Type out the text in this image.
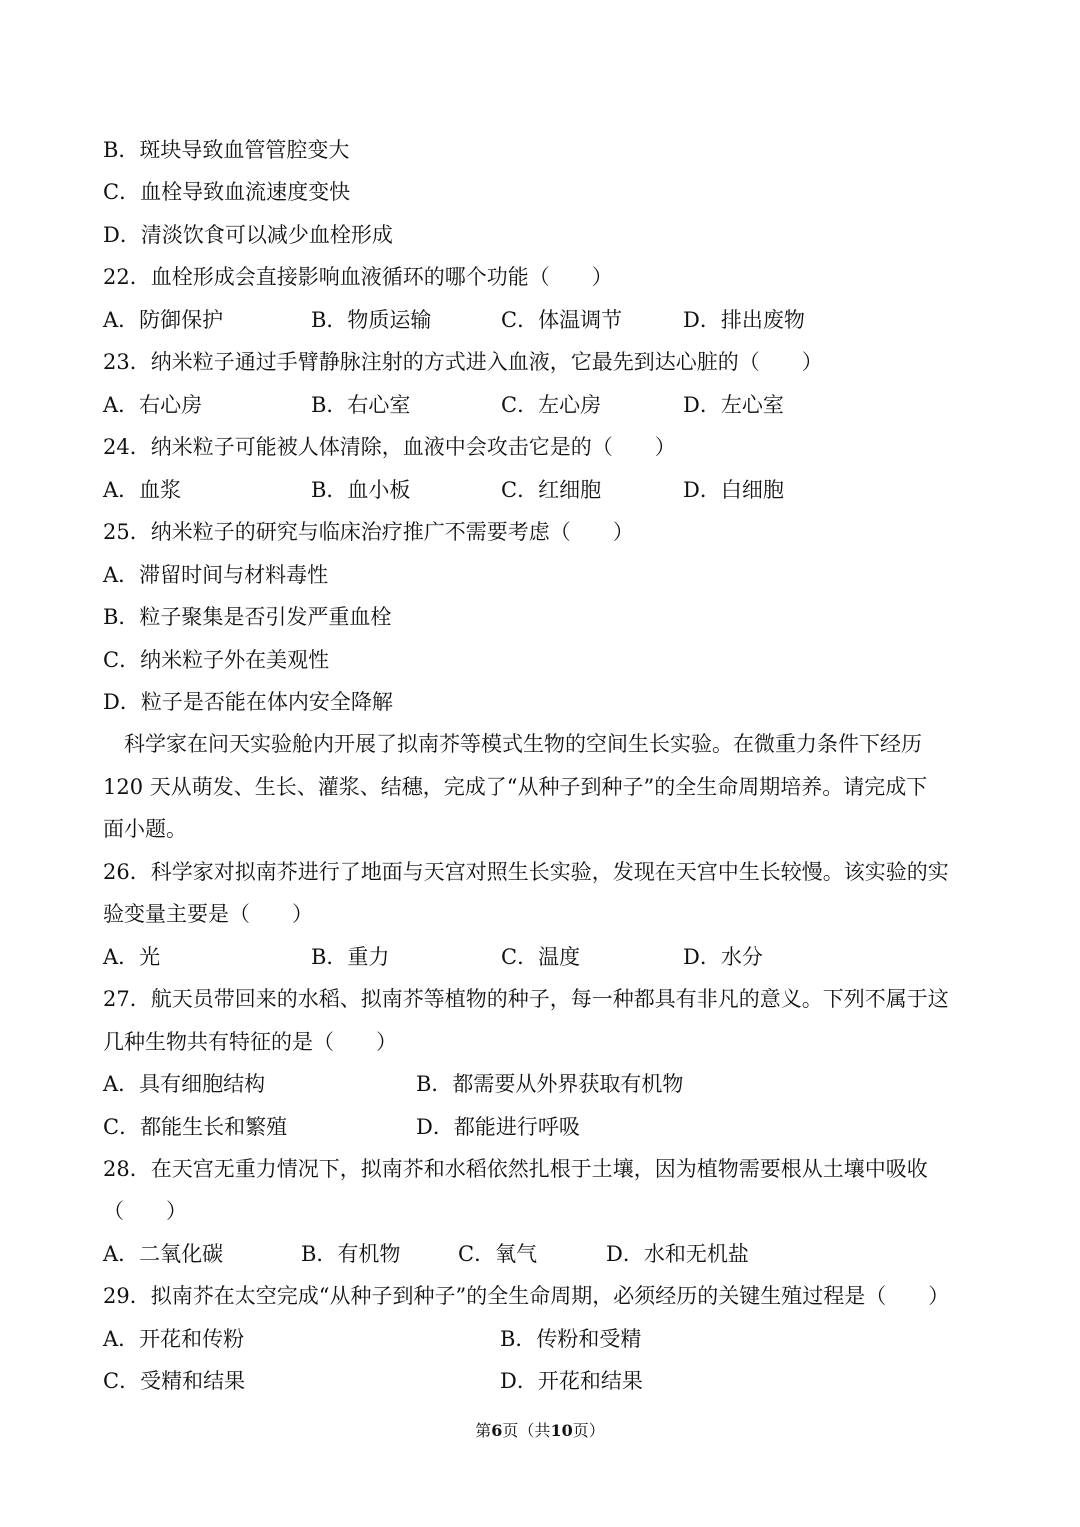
B．斑块导致血管管腔变大
C．血栓导致血流速度变快
D．清淡饮食可以减少血栓形成
22．血栓形成会直接影响血液循环的哪个功能（　　）
A．防御保护	B．物质运输	C．体温调节	D．排出废物
23．纳米粒子通过手臂静脉注射的方式进入血液，它最先到达心脏的（　　）
A．右心房	B．右心室	C．左心房	D．左心室
24．纳米粒子可能被人体清除，血液中会攻击它是的（　　）
A．血浆	B．血小板	C．红细胞	D．白细胞
25．纳米粒子的研究与临床治疗推广不需要考虑（　　）
A．滞留时间与材料毒性
B．粒子聚集是否引发严重血栓
C．纳米粒子外在美观性
D．粒子是否能在体内安全降解
　科学家在问天实验舱内开展了拟南芥等模式生物的空间生长实验。在微重力条件下经历
120 天从萌发、生长、灌浆、结穗，完成了“从种子到种子”的全生命周期培养。请完成下
面小题。
26．科学家对拟南芥进行了地面与天宫对照生长实验，发现在天宫中生长较慢。该实验的实
验变量主要是（　　）
A．光	B．重力	C．温度	D．水分
27．航天员带回来的水稻、拟南芥等植物的种子，每一种都具有非凡的意义。下列不属于这
几种生物共有特征的是（　　）
A．具有细胞结构	B．都需要从外界获取有机物
C．都能生长和繁殖	D．都能进行呼吸
28．在天宫无重力情况下，拟南芥和水稻依然扎根于土壤，因为植物需要根从土壤中吸收
（　　）
A．二氧化碳	B．有机物	C．氧气	D．水和无机盐
29．拟南芥在太空完成“从种子到种子”的全生命周期，必须经历的关键生殖过程是（　　）
A．开花和传粉	B．传粉和受精
C．受精和结果	D．开花和结果
第6页（共10页）
